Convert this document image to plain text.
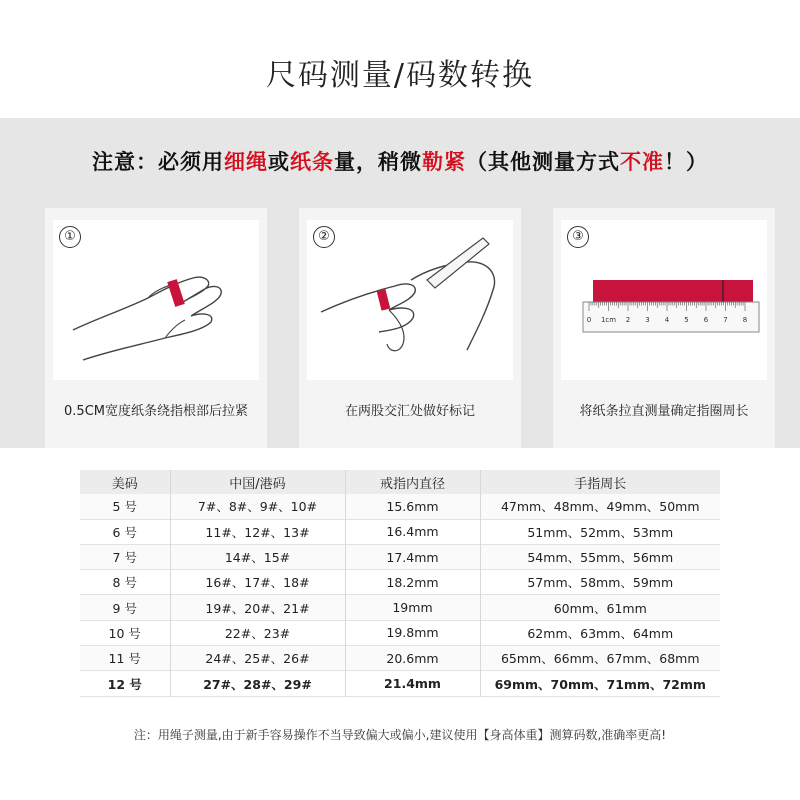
尺码测量/码数转换
注意：必须用细绳或纸条量，稍微勒紧（其他测量方式不准！）
①
0.5CM宽度纸条绕指根部后拉紧
②
在两股交汇处做好标记
0 1cm 2 3 4 5 6 7 8
③
将纸条拉直测量确定指圈周长
美码	中国/港码	戒指内直径	手指周长
5 号	7#、8#、9#、10#	15.6mm	47mm、48mm、49mm、50mm
6 号	11#、12#、13#	16.4mm	51mm、52mm、53mm
7 号	14#、15#	17.4mm	54mm、55mm、56mm
8 号	16#、17#、18#	18.2mm	57mm、58mm、59mm
9 号	19#、20#、21#	19mm	60mm、61mm
10 号	22#、23#	19.8mm	62mm、63mm、64mm
11 号	24#、25#、26#	20.6mm	65mm、66mm、67mm、68mm
12 号	27#、28#、29#	21.4mm	69mm、70mm、71mm、72mm
注：用绳子测量,由于新手容易操作不当导致偏大或偏小,建议使用【身高体重】测算码数,准确率更高!
